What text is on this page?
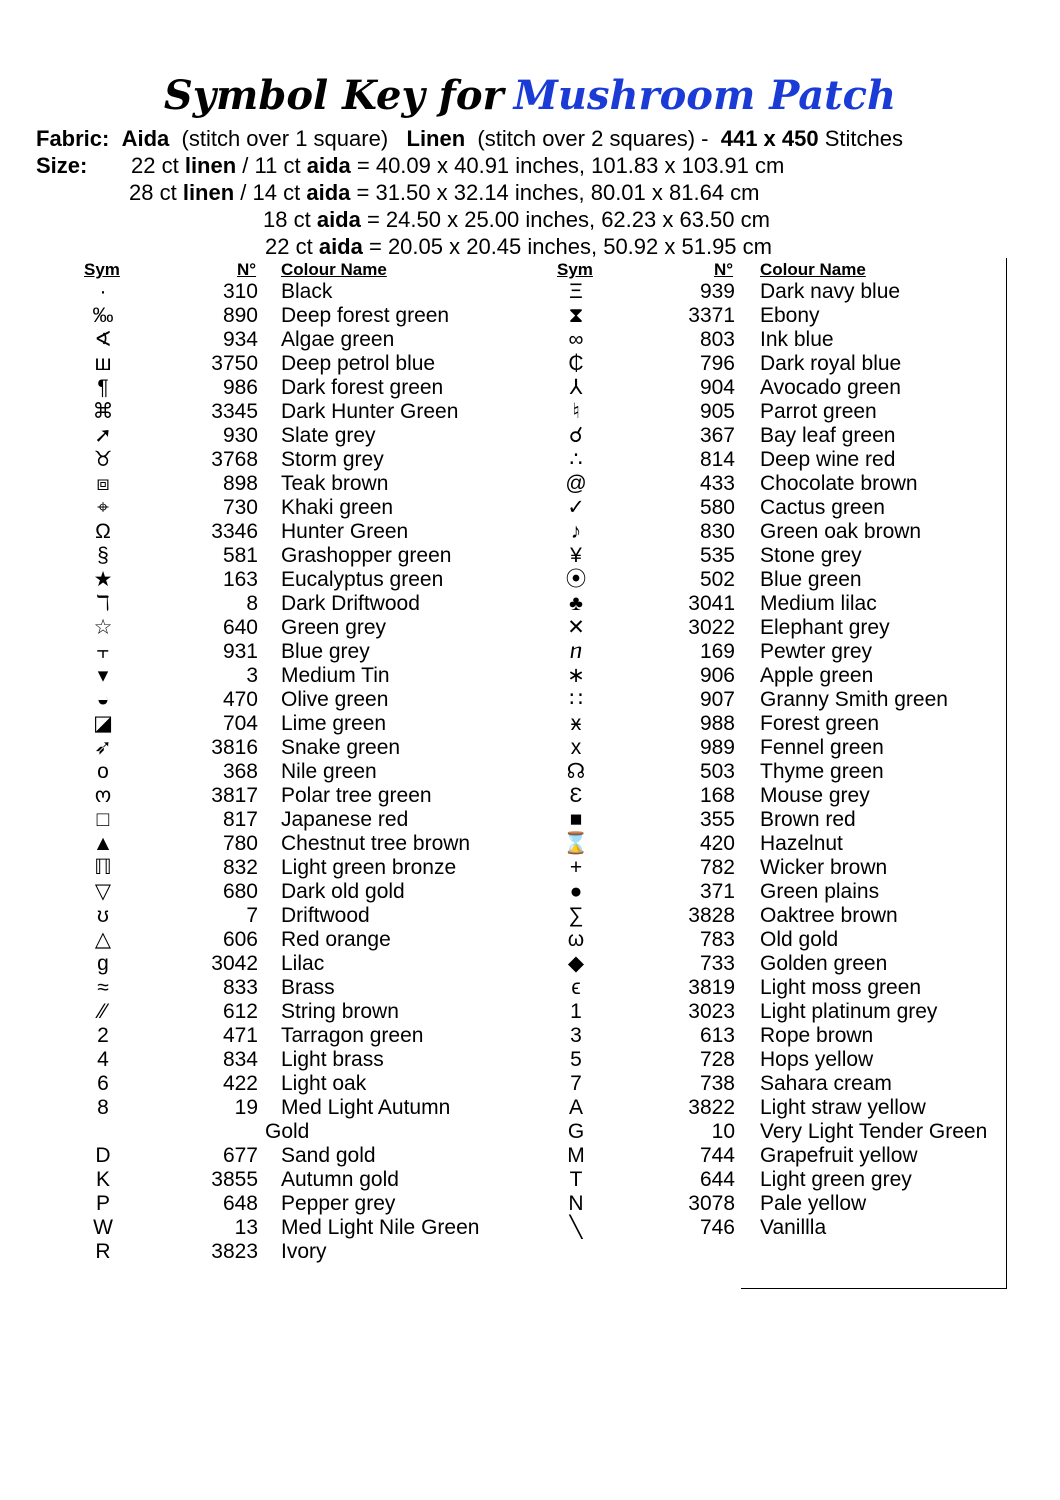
Symbol Key for Mushroom Patch
Fabric: Aida (stitch over 1 square) Linen (stitch over 2 squares) - 441 x 450 Stitches
Size: 22 ct linen / 11 ct aida = 40.09 x 40.91 inches, 101.83 x 103.91 cm
28 ct linen / 14 ct aida = 31.50 x 32.14 inches, 80.01 x 81.64 cm
18 ct aida = 24.50 x 25.00 inches, 62.23 x 63.50 cm
22 ct aida = 20.05 x 20.45 inches, 50.92 x 51.95 cm
Sym	N° Colour Name	Sym	N° Colour Name
·	310 Black
‰	890 Deep forest green
∢	934 Algae green
ш	3750 Deep petrol blue
¶	986 Dark forest green
⌘	3345 Dark Hunter Green
➚	930 Slate grey
♉	3768 Storm grey
⧈	898 Teak brown
⌖	730 Khaki green
Ω	3346 Hunter Green
§	581 Grashopper green
★	163 Eucalyptus green
ℸ	8 Dark Driftwood
☆	640 Green grey
⫟	931 Blue grey
▾	3 Medium Tin
◒	470 Olive green
◪	704 Lime green
➶	3816 Snake green
o	368 Nile green
ო	3817 Polar tree green
□	817 Japanese red
▲	780 Chestnut tree brown
ℿ	832 Light green bronze
▽	680 Dark old gold
ʊ	7 Driftwood
△	606 Red orange
g	3042 Lilac
≈	833 Brass
⁄⁄	612 String brown
2	471 Tarragon green
4	834 Light brass
6	422 Light oak
8	19 Med Light Autumn
Gold
D	677 Sand gold
K	3855 Autumn gold
P	648 Pepper grey
W	13 Med Light Nile Green
R	3823 Ivory
Ξ	939 Dark navy blue
⧗	3371 Ebony
∞	803 Ink blue
₵	796 Dark royal blue
⅄	904 Avocado green
♮	905 Parrot green
☌	367 Bay leaf green
∴	814 Deep wine red
@	433 Chocolate brown
✓	580 Cactus green
♪	830 Green oak brown
¥	535 Stone grey
⦿	502 Blue green
♣	3041 Medium lilac
✕	3022 Elephant grey
ⴖ	169 Pewter grey
∗	906 Apple green
∷	907 Granny Smith green
ӿ	988 Forest green
x	989 Fennel green
☊	503 Thyme green
Ɛ	168 Mouse grey
■	355 Brown red
⌛	420 Hazelnut
+	782 Wicker brown
●	371 Green plains
∑	3828 Oaktree brown
ω	783 Old gold
◆	733 Golden green
ϵ	3819 Light moss green
1	3023 Light platinum grey
3	613 Rope brown
5	728 Hops yellow
7	738 Sahara cream
A	3822 Light straw yellow
G	10 Very Light Tender Green
M	744 Grapefruit yellow
T	644 Light green grey
N	3078 Pale yellow
╲	746 Vanillla
